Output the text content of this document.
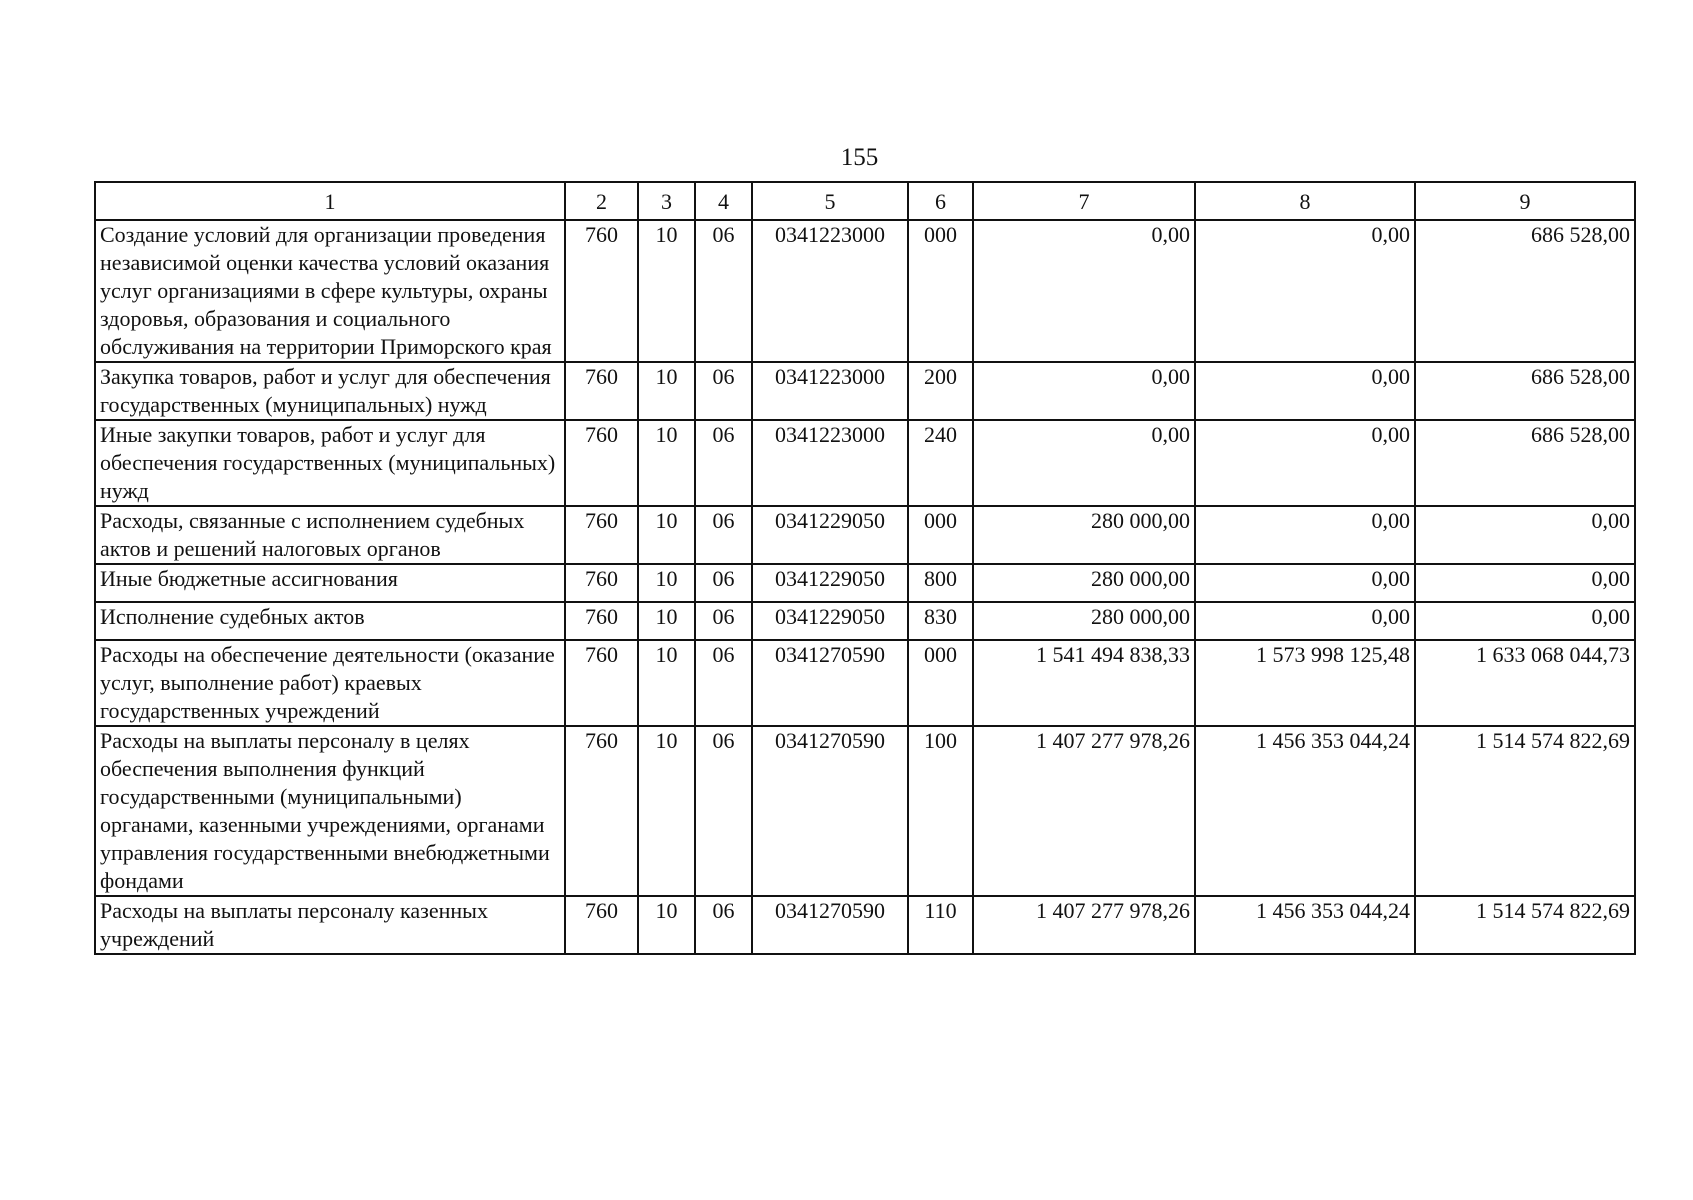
155
1	2	3	4	5	6	7	8	9
Создание условий для организации проведения независимой оценки качества условий оказания услуг организациями в сфере культуры, охраны здоровья, образования и социального обслуживания на территории Приморского края	760	10	06	0341223000	000	0,00	0,00	686 528,00
Закупка товаров, работ и услуг для обеспечения государственных (муниципальных) нужд	760	10	06	0341223000	200	0,00	0,00	686 528,00
Иные закупки товаров, работ и услуг для обеспечения государственных (муниципальных) нужд	760	10	06	0341223000	240	0,00	0,00	686 528,00
Расходы, связанные с исполнением судебных актов и решений налоговых органов	760	10	06	0341229050	000	280 000,00	0,00	0,00
Иные бюджетные ассигнования	760	10	06	0341229050	800	280 000,00	0,00	0,00
Исполнение судебных актов	760	10	06	0341229050	830	280 000,00	0,00	0,00
Расходы на обеспечение деятельности (оказание услуг, выполнение работ) краевых государственных учреждений	760	10	06	0341270590	000	1 541 494 838,33	1 573 998 125,48	1 633 068 044,73
Расходы на выплаты персоналу в целях обеспечения выполнения функций государственными (муниципальными) органами, казенными учреждениями, органами управления государственными внебюджетными фондами	760	10	06	0341270590	100	1 407 277 978,26	1 456 353 044,24	1 514 574 822,69
Расходы на выплаты персоналу казенных учреждений	760	10	06	0341270590	110	1 407 277 978,26	1 456 353 044,24	1 514 574 822,69
